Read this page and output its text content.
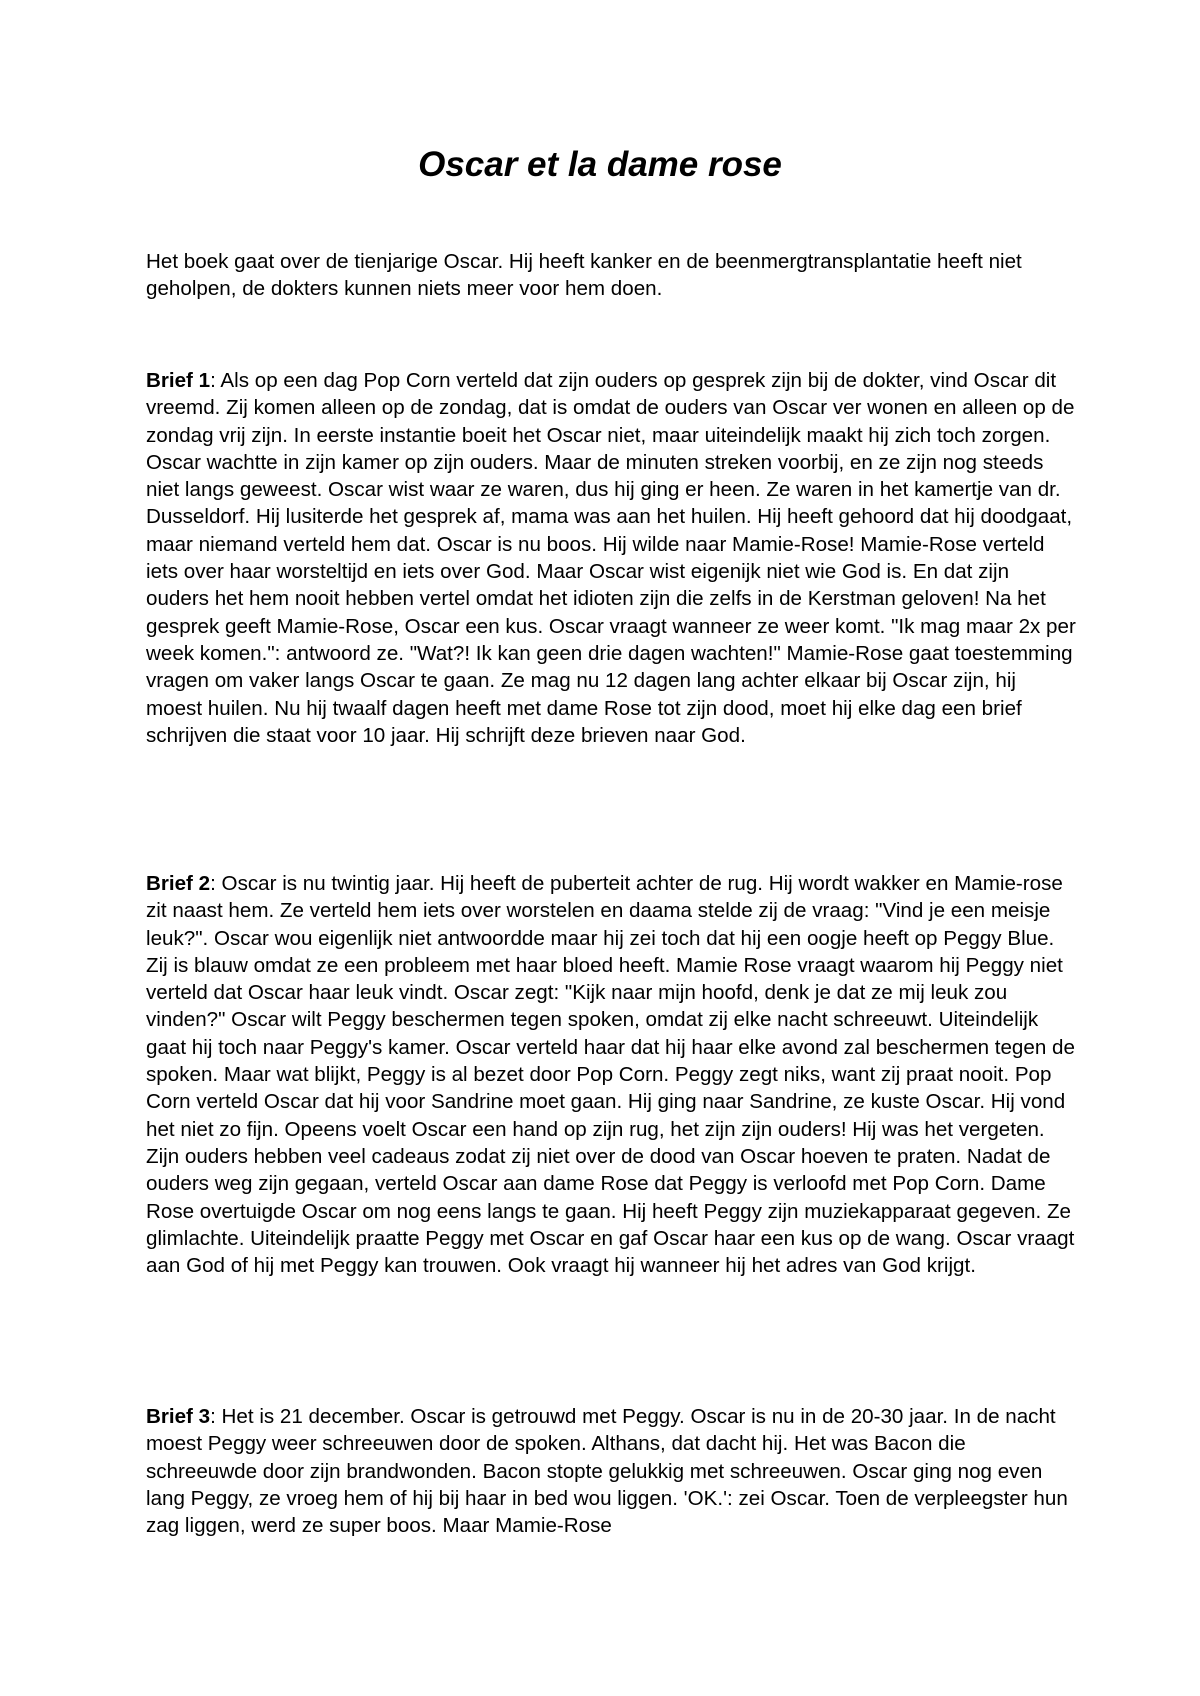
Oscar et la dame rose

Het boek gaat over de tienjarige Oscar. Hij heeft kanker en de beenmergtransplantatie heeft niet geholpen, de dokters kunnen niets meer voor hem doen.

Brief 1: Als op een dag Pop Corn verteld dat zijn ouders op gesprek zijn bij de dokter, vind Oscar dit vreemd. Zij komen alleen op de zondag, dat is omdat de ouders van Oscar ver wonen en alleen op de zondag vrij zijn. In eerste instantie boeit het Oscar niet, maar uiteindelijk maakt hij zich toch zorgen. Oscar wachtte in zijn kamer op zijn ouders. Maar de minuten streken voorbij, en ze zijn nog steeds niet langs geweest. Oscar wist waar ze waren, dus hij ging er heen. Ze waren in het kamertje van dr. Dusseldorf. Hij lusiterde het gesprek af, mama was aan het huilen. Hij heeft gehoord dat hij doodgaat, maar niemand verteld hem dat. Oscar is nu boos. Hij wilde naar Mamie-Rose! Mamie-Rose verteld iets over haar worsteltijd en iets over God. Maar Oscar wist eigenijk niet wie God is. En dat zijn ouders het hem nooit hebben vertel omdat het idioten zijn die zelfs in de Kerstman geloven! Na het gesprek geeft Mamie-Rose, Oscar een kus. Oscar vraagt wanneer ze weer komt. "Ik mag maar 2x per week komen.": antwoord ze. "Wat?! Ik kan geen drie dagen wachten!" Mamie-Rose gaat toestemming vragen om vaker langs Oscar te gaan. Ze mag nu 12 dagen lang achter elkaar bij Oscar zijn, hij moest huilen. Nu hij twaalf dagen heeft met dame Rose tot zijn dood, moet hij elke dag een brief schrijven die staat voor 10 jaar. Hij schrijft deze brieven naar God.

Brief 2: Oscar is nu twintig jaar. Hij heeft de puberteit achter de rug. Hij wordt wakker en Mamie-rose zit naast hem. Ze verteld hem iets over worstelen en daama stelde zij de vraag: "Vind je een meisje leuk?". Oscar wou eigenlijk niet antwoordde maar hij zei toch dat hij een oogje heeft op Peggy Blue. Zij is blauw omdat ze een probleem met haar bloed heeft. Mamie Rose vraagt waarom hij Peggy niet verteld dat Oscar haar leuk vindt. Oscar zegt: "Kijk naar mijn hoofd, denk je dat ze mij leuk zou vinden?" Oscar wilt Peggy beschermen tegen spoken, omdat zij elke nacht schreeuwt. Uiteindelijk gaat hij toch naar Peggy's kamer. Oscar verteld haar dat hij haar elke avond zal beschermen tegen de spoken. Maar wat blijkt, Peggy is al bezet door Pop Corn. Peggy zegt niks, want zij praat nooit. Pop Corn verteld Oscar dat hij voor Sandrine moet gaan. Hij ging naar Sandrine, ze kuste Oscar. Hij vond het niet zo fijn. Opeens voelt Oscar een hand op zijn rug, het zijn zijn ouders! Hij was het vergeten. Zijn ouders hebben veel cadeaus zodat zij niet over de dood van Oscar hoeven te praten. Nadat de ouders weg zijn gegaan, verteld Oscar aan dame Rose dat Peggy is verloofd met Pop Corn. Dame Rose overtuigde Oscar om nog eens langs te gaan. Hij heeft Peggy zijn muziekapparaat gegeven. Ze glimlachte. Uiteindelijk praatte Peggy met Oscar en gaf Oscar haar een kus op de wang. Oscar vraagt aan God of hij met Peggy kan trouwen. Ook vraagt hij wanneer hij het adres van God krijgt.

Brief 3: Het is 21 december. Oscar is getrouwd met Peggy. Oscar is nu in de 20-30 jaar. In de nacht moest Peggy weer schreeuwen door de spoken. Althans, dat dacht hij. Het was Bacon die schreeuwde door zijn brandwonden. Bacon stopte gelukkig met schreeuwen. Oscar ging nog even lang Peggy, ze vroeg hem of hij bij haar in bed wou liggen. 'OK.': zei Oscar. Toen de verpleegster hun zag liggen, werd ze super boos. Maar Mamie-Rose
